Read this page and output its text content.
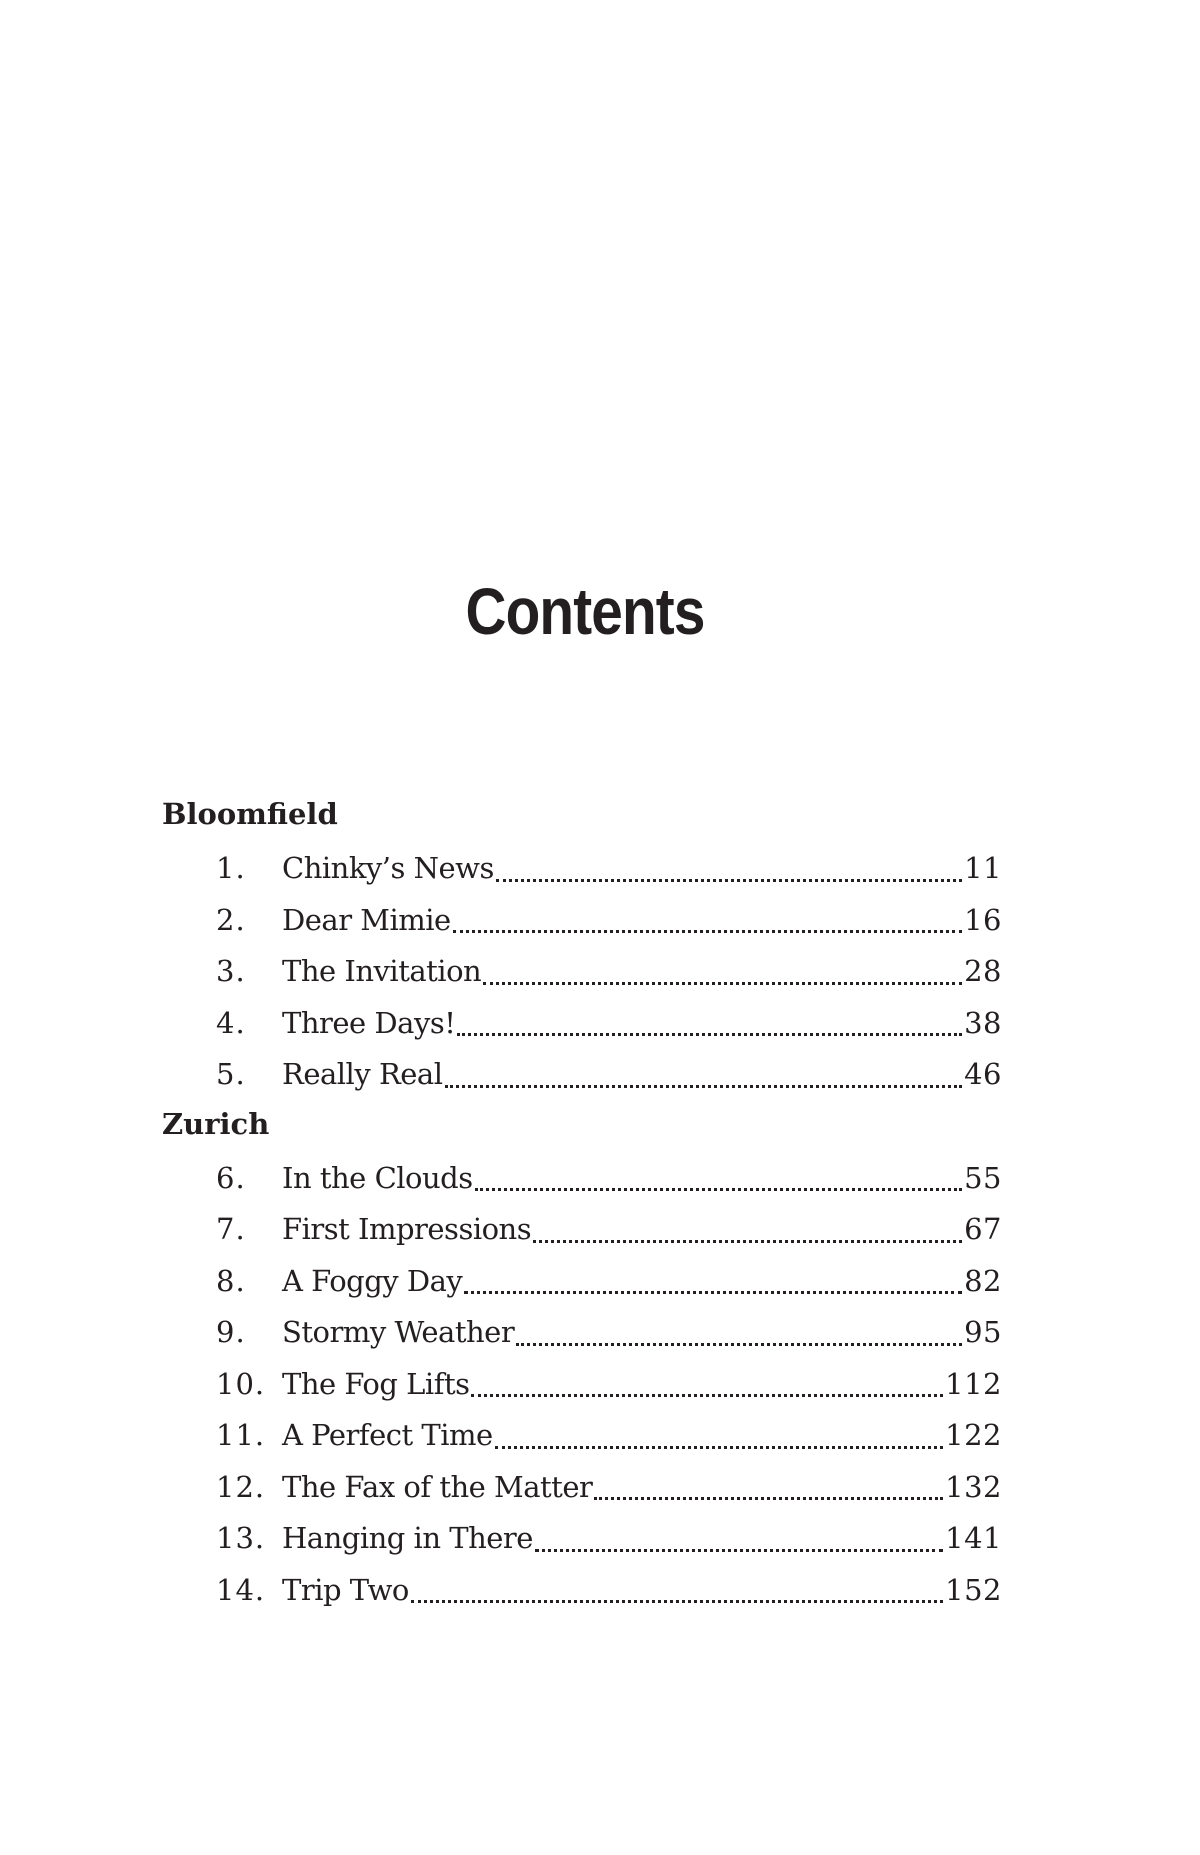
Contents
Bloomfield
1.	Chinky’s News	11
2.	Dear Mimie	16
3.	The Invitation	28
4.	Three Days!	38
5.	Really Real	46
Zurich
6.	In the Clouds	55
7.	First Impressions	67
8.	A Foggy Day	82
9.	Stormy Weather	95
10. The Fog Lifts	112
11. A Perfect Time	122
12. The Fax of the Matter	132
13. Hanging in There	141
14. Trip Two	152
